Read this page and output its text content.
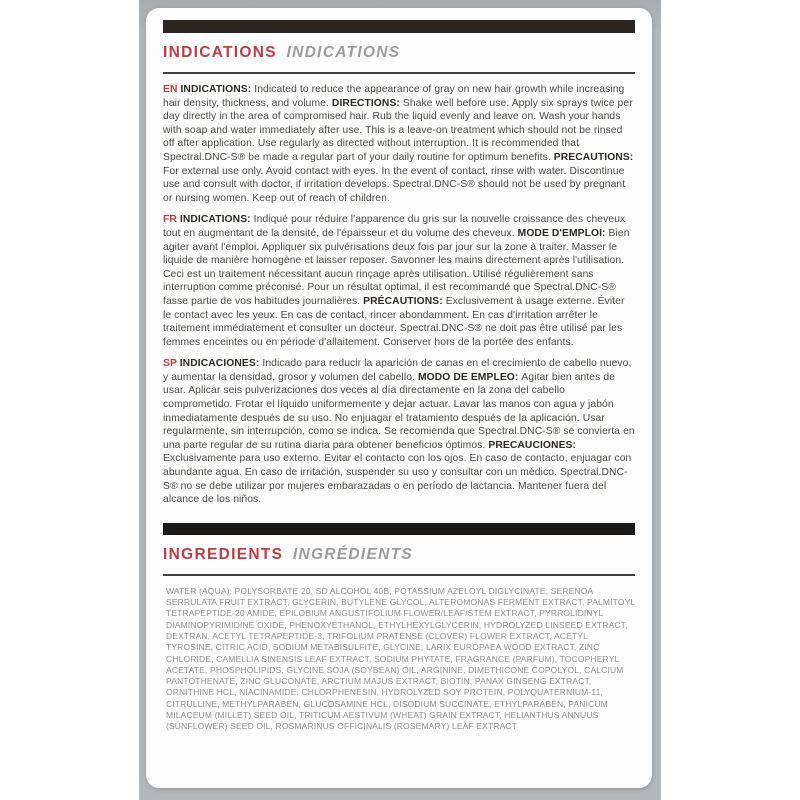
INDICATIONS INDICATIONS

EN INDICATIONS: Indicated to reduce the appearance of gray on new hair growth while increasing hair density, thickness, and volume. DIRECTIONS: Shake well before use. Apply six sprays twice per day directly in the area of compromised hair. Rub the liquid evenly and leave on. Wash your hands with soap and water immediately after use. This is a leave-on treatment which should not be rinsed off after application. Use regularly as directed without interruption. It is recommended that Spectral.DNC-S® be made a regular part of your daily routine for optimum benefits. PRECAUTIONS: For external use only. Avoid contact with eyes. In the event of contact, rinse with water. Discontinue use and consult with doctor, if irritation develops. Spectral.DNC-S® should not be used by pregnant or nursing women. Keep out of reach of children.

FR INDICATIONS: Indiqué pour réduire l'apparence du gris sur la nouvelle croissance des cheveux tout en augmentant de la densité, de l'épaisseur et du volume des cheveux. MODE D'EMPLOI: Bien agiter avant l'emploi. Appliquer six pulvérisations deux fois par jour sur la zone à traiter. Masser le liquide de manière homogène et laisser reposer. Savonner les mains directement après l'utilisation. Ceci est un traitement nécessitant aucun rinçage après utilisation. Utilisé régulièrement sans interruption comme préconisé. Pour un résultat optimal, il est recommandé que Spectral.DNC-S® fasse partie de vos habitudes journalières. PRÉCAUTIONS: Exclusivement à usage externe. Éviter le contact avec les yeux. En cas de contact, rincer abondamment. En cas d'irritation arrêter le traitement immédiatement et consulter un docteur. Spectral.DNC-S® ne doit pas être utilisé par les femmes enceintes ou en période d'allaitement. Conserver hors de la portée des enfants.

SP INDICACIONES: Indicado para reducir la aparición de canas en el crecimiento de cabello nuevo, y aumentar la densidad, grosor y volumen del cabello. MODO DE EMPLEO: Agitar bien antes de usar. Aplicar seis pulverizaciones dos veces al día directamente en la zona del cabello comprometido. Frotar el líquido uniformemente y dejar actuar. Lavar las manos con agua y jabón inmediatamente después de su uso. No enjuagar el tratamiento después de la aplicación. Usar regularmente, sin interrupción, como se indica. Se recomienda que Spectral.DNC-S® se convierta en una parte regular de su rutina diaria para obtener beneficios óptimos. PRECAUCIONES: Exclusivamente para uso externo. Evitar el contacto con los ojos. En caso de contacto, enjuagar con abundante agua. En caso de irritación, suspender su uso y consultar con un médico. Spectral.DNC-S® no se debe utilizar por mujeres embarazadas o en período de lactancia. Mantener fuera del alcance de los niños.

INGREDIENTS INGRÉDIENTS

WATER (AQUA), POLYSORBATE 20, SD ALCOHOL 40B, POTASSIUM AZELOYL DIGLYCINATE, SERENOA SERRULATA FRUIT EXTRACT, GLYCERIN, BUTYLENE GLYCOL, ALTEROMONAS FERMENT EXTRACT, PALMITOYL TETRAPEPTIDE-20 AMIDE, EPILOBIUM ANGUSTIFOLIUM FLOWER/LEAF/STEM EXTRACT, PYRROLIDINYL DIAMINOPYRIMIDINE OXIDE, PHENOXYETHANOL, ETHYLHEXYLGLYCERIN, HYDROLYZED LINSEED EXTRACT, DEXTRAN, ACETYL TETRAPEPTIDE-3, TRIFOLIUM PRATENSE (CLOVER) FLOWER EXTRACT, ACETYL TYROSINE, CITRIC ACID, SODIUM METABISULFITE, GLYCINE, LARIX EUROPAEA WOOD EXTRACT, ZINC CHLORIDE, CAMELLIA SINENSIS LEAF EXTRACT, SODIUM PHYTATE, FRAGRANCE (PARFUM), TOCOPHERYL ACETATE, PHOSPHOLIPIDS, GLYCINE SOJA (SOYBEAN) OIL, ARGININE, DIMETHICONE COPOLYOL, CALCIUM PANTOTHENATE, ZINC GLUCONATE, ARCTIUM MAJUS EXTRACT, BIOTIN, PANAX GINSENG EXTRACT, ORNITHINE HCL, NIACINAMIDE, CHLORPHENESIN, HYDROLYZED SOY PROTEIN, POLYQUATERNIUM-11, CITRULLINE, METHYLPARABEN, GLUCOSAMINE HCL, DISODIUM SUCCINATE, ETHYLPARABEN, PANICUM MILACEUM (MILLET) SEED OIL, TRITICUM AESTIVUM (WHEAT) GRAIN EXTRACT, HELIANTHUS ANNUUS (SUNFLOWER) SEED OIL, ROSMARINUS OFFICINALIS (ROSEMARY) LEAF EXTRACT
